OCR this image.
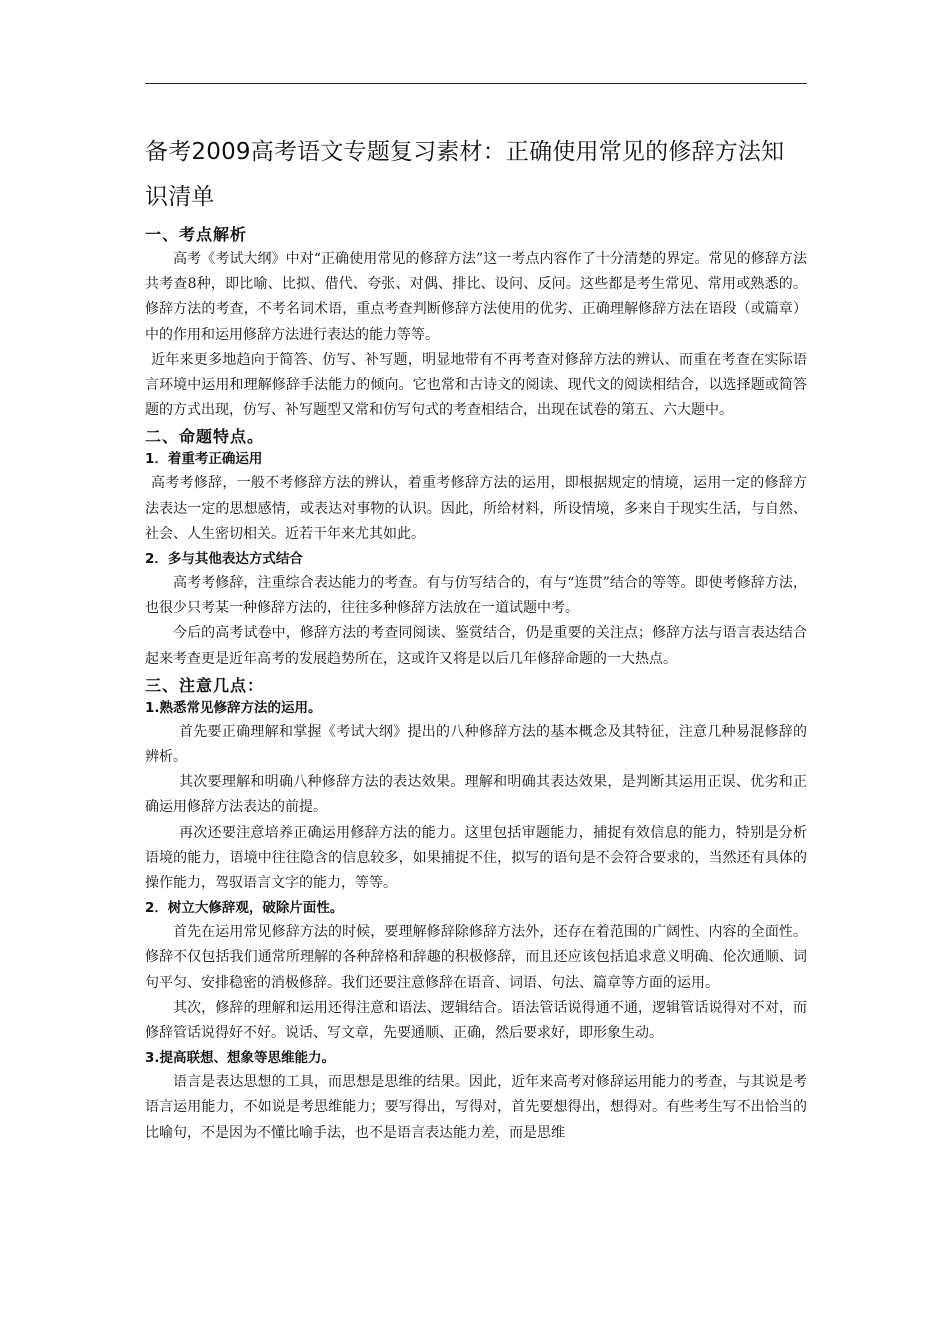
备考2009高考语文专题复习素材：正确使用常见的修辞方法知识清单
一、考点解析

高考《考试大纲》中对“正确使用常见的修辞方法”这一考点内容作了十分清楚的界定。常见的修辞方法共考查8种，即比喻、比拟、借代、夸张、对偶、排比、设问、反问。这些都是考生常见、常用或熟悉的。修辞方法的考查，不考名词术语，重点考查判断修辞方法使用的优劣、正确理解修辞方法在语段（或篇章）中的作用和运用修辞方法进行表达的能力等等。

近年来更多地趋向于简答、仿写、补写题，明显地带有不再考查对修辞方法的辨认、而重在考查在实际语言环境中运用和理解修辞手法能力的倾向。它也常和古诗文的阅读、现代文的阅读相结合，以选择题或简答题的方式出现，仿写、补写题型又常和仿写句式的考查相结合，出现在试卷的第五、六大题中。

二、命题特点。
1．着重考正确运用

高考考修辞，一般不考修辞方法的辨认，着重考修辞方法的运用，即根据规定的情境，运用一定的修辞方法表达一定的思想感情，或表达对事物的认识。因此，所给材料，所设情境，多来自于现实生活，与自然、社会、人生密切相关。近若干年来尤其如此。

2．多与其他表达方式结合

高考考修辞，注重综合表达能力的考查。有与仿写结合的，有与“连贯”结合的等等。即使考修辞方法，也很少只考某一种修辞方法的，往往多种修辞方法放在一道试题中考。

今后的高考试卷中，修辞方法的考查同阅读、鉴赏结合，仍是重要的关注点；修辞方法与语言表达结合起来考查更是近年高考的发展趋势所在，这或许又将是以后几年修辞命题的一大热点。

三、注意几点：
1.熟悉常见修辞方法的运用。

首先要正确理解和掌握《考试大纲》提出的八种修辞方法的基本概念及其特征，注意几种易混修辞的辨析。

其次要理解和明确八种修辞方法的表达效果。理解和明确其表达效果，是判断其运用正误、优劣和正确运用修辞方法表达的前提。

再次还要注意培养正确运用修辞方法的能力。这里包括审题能力，捕捉有效信息的能力，特别是分析语境的能力，语境中往往隐含的信息较多，如果捕捉不住，拟写的语句是不会符合要求的，当然还有具体的操作能力，驾驭语言文字的能力，等等。

2．树立大修辞观，破除片面性。

首先在运用常见修辞方法的时候，要理解修辞除修辞方法外，还存在着范围的广阔性、内容的全面性。修辞不仅包括我们通常所理解的各种辞格和辞趣的积极修辞，而且还应该包括追求意义明确、伦次通顺、词句平匀、安排稳密的消极修辞。我们还要注意修辞在语音、词语、句法、篇章等方面的运用。

其次，修辞的理解和运用还得注意和语法、逻辑结合。语法管话说得通不通，逻辑管话说得对不对，而修辞管话说得好不好。说话、写文章，先要通顺、正确，然后要求好，即形象生动。

3.提高联想、想象等思维能力。

语言是表达思想的工具，而思想是思维的结果。因此，近年来高考对修辞运用能力的考查，与其说是考语言运用能力，不如说是考思维能力；要写得出，写得对，首先要想得出，想得对。有些考生写不出恰当的比喻句，不是因为不懂比喻手法，也不是语言表达能力差，而是思维
